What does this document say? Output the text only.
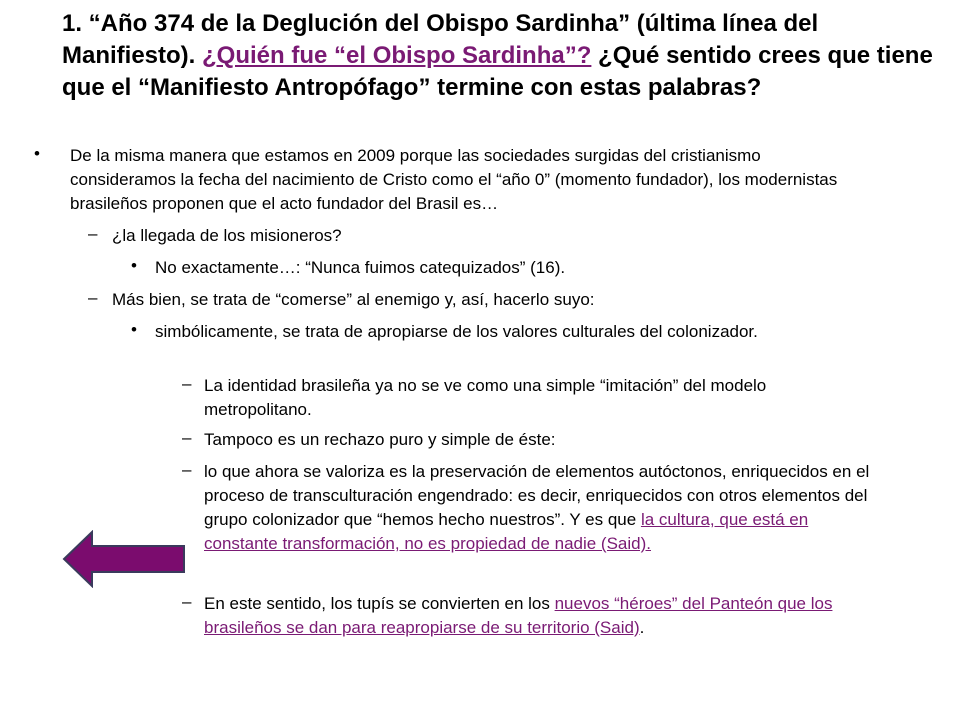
1. “Año 374 de la Deglución del Obispo Sardinha” (última línea del Manifiesto). ¿Quién fue “el Obispo Sardinha”? ¿Qué sentido crees que tiene que el “Manifiesto Antropófago” termine con estas palabras?
• De la misma manera que estamos en 2009 porque las sociedades surgidas del cristianismo consideramos la fecha del nacimiento de Cristo como el “año 0” (momento fundador), los modernistas brasileños proponen que el acto fundador del Brasil es…
– ¿la llegada de los misioneros?
• No exactamente…: “Nunca fuimos catequizados” (16).
– Más bien, se trata de “comerse” al enemigo y, así, hacerlo suyo:
• simbólicamente, se trata de apropiarse de los valores culturales del colonizador.
– La identidad brasileña ya no se ve como una simple “imitación” del modelo metropolitano.
– Tampoco es un rechazo puro y simple de éste:
– lo que ahora se valoriza es la preservación de elementos autóctonos, enriquecidos en el proceso de transculturación engendrado: es decir, enriquecidos con otros elementos del grupo colonizador que “hemos hecho nuestros”. Y es que la cultura, que está en constante transformación, no es propiedad de nadie (Said).
– En este sentido, los tupís se convierten en los nuevos “héroes” del Panteón que los brasileños se dan para reapropiarse de su territorio (Said).
